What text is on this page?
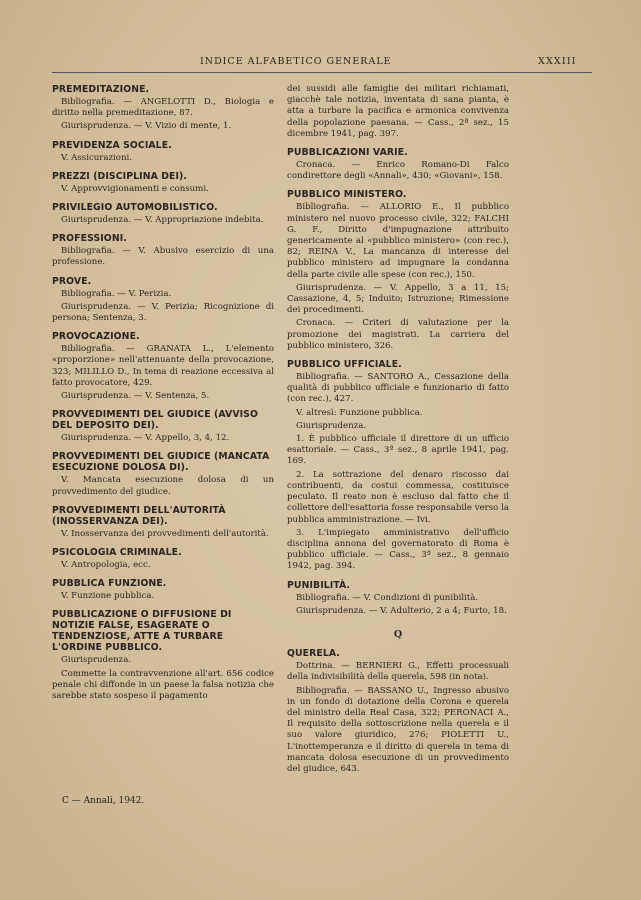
INDICE ALFABETICO GENERALE	XXXIII
PREMEDITAZIONE.
Bibliografia. — ANGELOTTI D., Biologia e diritto nella premeditazione, 87.
Giurisprudenza. — V. Vizio di mente, 1.
PREVIDENZA SOCIALE.
V. Assicurazioni.
PREZZI (DISCIPLINA DEI).
V. Approvvigionamenti e consumi.
PRIVILEGIO AUTOMOBILISTICO.
Giurisprudenza. — V. Appropriazione indebita.
PROFESSIONI.
Bibliografia. — V. Abusivo esercizio di una professione.
PROVE.
Bibliografia. — V. Perizia.
Giurisprudenza. — V. Perizia; Ricognizione di persona; Sentenza, 3.
PROVOCAZIONE.
Bibliografia. — GRANATA L., L'elemento «proporzione» nell'attenuante della provocazione, 323; MILILLO D., In tema di reazione eccessiva al fatto provocatore, 429.
Giurisprudenza. — V. Sentenza, 5.
PROVVEDIMENTI DEL GIUDICE (AVVISO DEL DEPOSITO DEI).
Giurisprudenza. — V. Appello, 3, 4, 12.
PROVVEDIMENTI DEL GIUDICE (MANCATA ESECUZIONE DOLOSA DI).
V. Mancata esecuzione dolosa di un provvedimento del giudice.
PROVVEDIMENTI DELL'AUTORITÀ (INOSSERVANZA DEI).
V. Inosservanza dei provvedimenti dell'autorità.
PSICOLOGIA CRIMINALE.
V. Antropologia, ecc.
PUBBLICA FUNZIONE.
V. Funzione pubblica.
PUBBLICAZIONE O DIFFUSIONE DI NOTIZIE FALSE, ESAGERATE O TENDENZIOSE, ATTE A TURBARE L'ORDINE PUBBLICO.
Giurisprudenza.
Commette la contravvenzione all'art. 656 codice penale chi diffonde in un paese la falsa notizia che sarebbe stato sospeso il pagamento
dei sussidi alle famiglie dei militari richiamati, giacchè tale notizia, inventata di sana pianta, è atta a turbare la pacifica e armonica convivenza della popolazione paesana. — Cass., 2ª sez., 15 dicembre 1941, pag. 397.
PUBBLICAZIONI VARIE.
Cronaca. — Enrico Romano-Di Falco condirettore degli «Annali», 430; «Giovani», 158.
PUBBLICO MINISTERO.
Bibliografia. — ALLORIO E., Il pubblico ministero nel nuovo processo civile, 322; FALCHI G. F., Diritto d'impugnazione attribuito genericamente al «pubblico ministero» (con rec.), 82; REINA V., La mancanza di interesse del pubblico ministero ad impugnare la condanna della parte civile alle spese (con rec.), 150.
Giurisprudenza. — V. Appello, 3 a 11, 15; Cassazione, 4, 5; Induito; Istruzione; Rimessione dei procedimenti.
Cronaca. — Criteri di valutazione per la promozione dei magistrati. La carriera del pubblico ministero, 326.
PUBBLICO UFFICIALE.
Bibliografia. — SANTORO A., Cessazione della qualità di pubblico ufficiale e funzionario di fatto (con rec.), 427.
V. altresì: Funzione pubblica.
Giurisprudenza.
1. È pubblico ufficiale il direttore di un ufficio esattoriale. — Cass., 3ª sez., 8 aprile 1941, pag. 169.
2. La sottrazione del denaro riscosso dai contribuenti, da costui commessa, costituisce peculato. Il reato non è escluso dal fatto che il collettore dell'esattoria fosse responsabile verso la pubblica amministrazione. — Ivi.
3. L'impiegato amministrativo dell'ufficio disciplina annona del governatorato di Roma è pubblico ufficiale. — Cass., 3ª sez., 8 gennaio 1942, pag. 394.
PUNIBILITÀ.
Bibliografia. — V. Condizioni di punibilità.
Giurisprudenza. — V. Adulterio, 2 a 4; Furto, 18.
Q
QUERELA.
Dottrina. — BERNIERI G., Effetti processuali della indivisibilità della querela, 598 (in nota).
Bibliografia. — BASSANO U., Ingresso abusivo in un fondo di dotazione della Corona e querela del ministro della Real Casa, 322; PERONACI A., Il requisito della sottoscrizione nella querela e il suo valore giuridico, 276; PIOLETTI U., L'inottemperanza e il diritto di querela in tema di mancata dolosa esecuzione di un provvedimento del giudice, 643.
C — Annali, 1942.
